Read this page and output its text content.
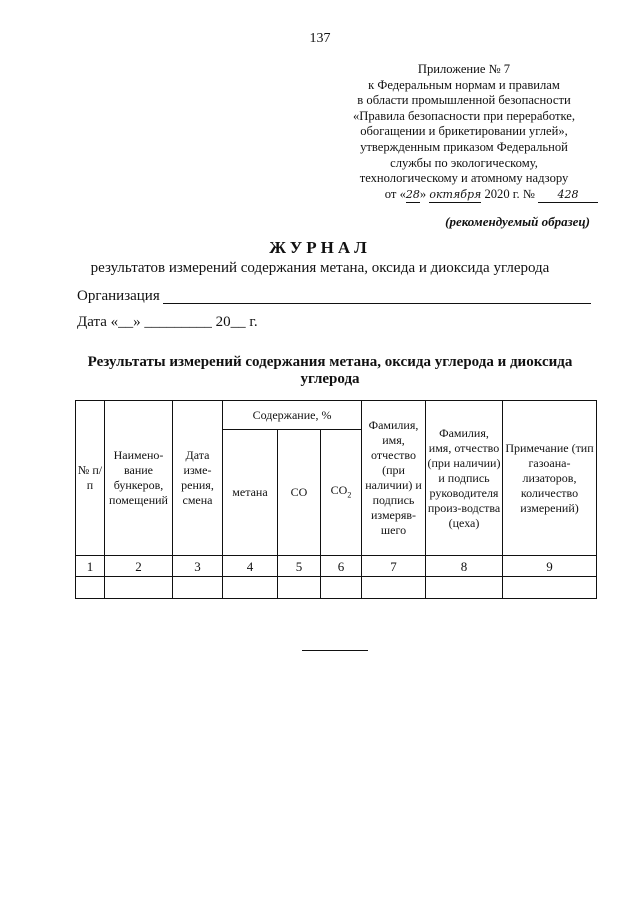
137
Приложение № 7
к Федеральным нормам и правилам
в области промышленной безопасности
«Правила безопасности при переработке,
обогащении и брикетировании углей»,
утвержденным приказом Федеральной
службы по экологическому,
технологическому и атомному надзору
от «28» октября 2020 г. № 428
(рекомендуемый образец)
ЖУРНАЛ
результатов измерений содержания метана, оксида и диоксида углерода
Организация
Дата «__» _________ 20__ г.
Результаты измерений содержания метана, оксида углерода и диоксида углерода
№ п/п	Наимено-вание бункеров, помещений	Дата изме-рения, смена	Содержание, %			Фамилия, имя, отчество (при наличии) и подпись измеряв-шего	Фамилия, имя, отчество (при наличии) и подпись руководителя произ-водства (цеха)	Примечание (тип газоана-лизаторов, количество измерений)
			метана	CO	$CO_2$
1	2	3	4	5	6	7	8	9
